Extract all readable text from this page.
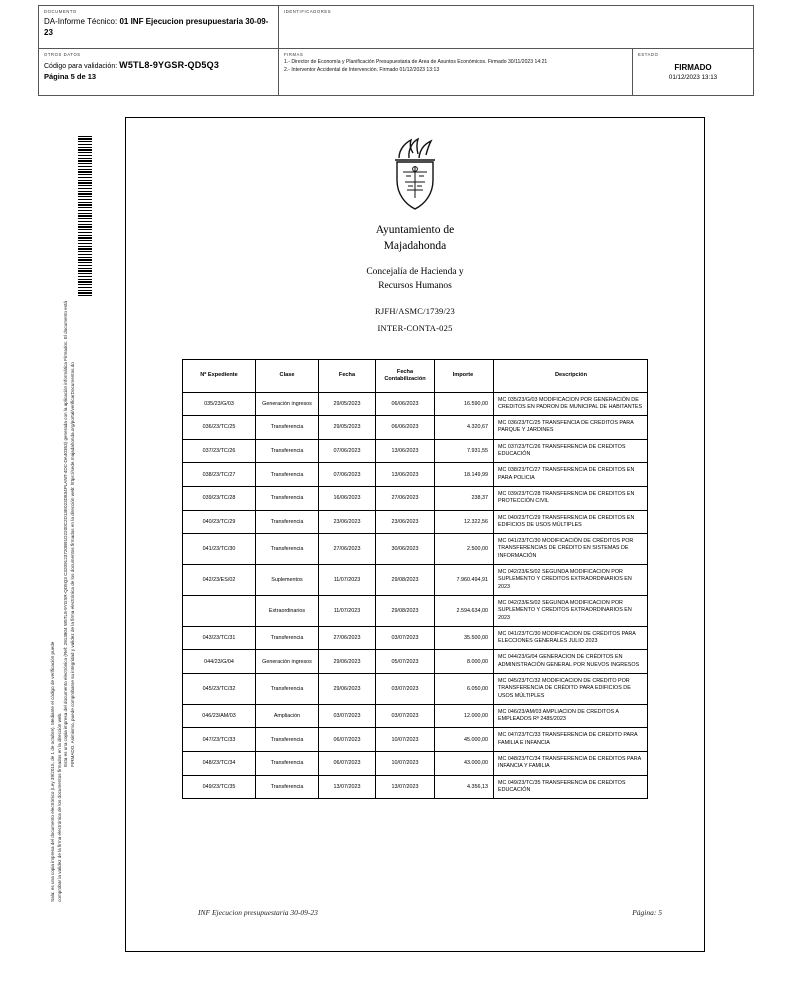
DOCUMENTO
DA-Informe Técnico: 01 INF Ejecucion presupuestaria 30-09-23
IDENTIFICADORES
OTROS DATOS
Código para validación: W5TL8-9YGSR-QD5Q3
Página 5 de 13
FIRMAS
1.- Director de Economía y Planificación Presupuestaria de Area de Asuntos Económicos. Firmado 30/11/2023 14:21
2.- Interventor Accidental de Intervención. Firmado 01/12/2023 13:13
ESTADO
FIRMADO
01/12/2023 13:13
Esta es una copia impresa del documento electrónico (Ref: 2813804 W5TL8-9YGSR-QD5Q3 C3209123720B91D2200C2D13E023D834PLANT-4DC-DA40353) generada con la aplicación informática Firmadoc. El documento está FIRMADO. Asimismo, puede comprobarse su integridad y validez de la firma electrónica de los documentos firmados en la dirección web: https://sede.majadahonda.org/portal/verificarDocumentos.do
Sala: es una copia impresa del documento electrónico (Ley 39/2015, de 1 de octubre). Mediante el código de verificación puede comprobar la validez de la firma electrónica de los documentos firmados en la dirección web.
Ayuntamiento de
Majadahonda
Concejalía de Hacienda y
Recursos Humanos
RJFH/ASMC/1739/23
INTER-CONTA-025
Nº Expediente	Clase	Fecha	Fecha Contabilización	Importe	Descripción
035/23/G/03	Generación ingresos	29/05/2023	06/06/2023	16.590,00	MC 035/23/G/03 MODIFICACION POR GENERACIÓN DE CREDITOS EN PADRON DE MUNICIPAL DE HABITANTES
036/23/TC/25	Transferencia	29/05/2023	06/06/2023	4.320,67	MC 036/23/TC/25 TRANSFENCIA DE CREDITOS PARA PARQUE Y JARDINES
037/23/TC/26	Transferencia	07/06/2023	13/06/2023	7.931,55	MC 037/23/TC/26 TRANSFERENCIA DE CREDITOS EDUCACIÓN
038/23/TC/27	Transferencia	07/06/2023	13/06/2023	18.149,99	MC 038/23/TC/27 TRANSFERENCIA DE CREDITOS EN PARA POLICIA
039/23/TC/28	Transferencia	16/06/2023	27/06/2023	238,37	MC 039/23/TC/28 TRANSFERENCIA DE CREDITOS EN PROTECCIÓN CIVIL
040/23/TC/29	Transferencia	23/06/2023	23/06/2023	12.322,56	MC 040/23/TC/29 TRANSFERENCIA DE CREDITOS EN EDIFICIOS DE USOS MÚLTIPLES
041/23/TC/30	Transferencia	27/06/2023	30/06/2023	2.500,00	MC 041/23/TC/30 MODIFICACIÓN DE CRÉDITOS POR TRANSFERENCIAS DE CRÉDITO EN SISTEMAS DE INFORMACIÓN
042/23/ES/02	Suplementos	11/07/2023	29/08/2023	7.960.494,91	MC 042/23/ES/02 SEGUNDA MODIFICACION POR SUPLEMENTO Y CREDITOS EXTRAORDINARIOS EN 2023
	Extraordinarios	11/07/2023	29/08/2023	2.594.634,00	MC 042/23/ES/02 SEGUNDA MODIFICACION POR SUPLEMENTO Y CREDITOS EXTRAORDINARIOS EN 2023
043/23/TC/31	Transferencia	27/06/2023	03/07/2023	35.500,00	MC 041/23/TC/30 MODIFICACION DE CRÉDITOS PARA ELECCIONES GENERALES JULIO 2023
044/23/G/04	Generación ingresos	29/06/2023	05/07/2023	8.000,00	MC 044/23/G/04 GENERACION DE CRÉDITOS EN ADMINISTRACIÓN GENERAL POR NUEVOS INGRESOS
045/23/TC/32	Transferencia	29/06/2023	03/07/2023	6.050,00	MC 045/23/TC/32 MODIFICACION DE CREDITO POR TRANSFERENCIA DE CRÉDITO PARA EDIFICIOS DE USOS MÚLTIPLES
046/23/AM/03	Ampliación	03/07/2023	03/07/2023	12.000,00	MC 046/23/AM/03 AMPLIACION DE CREDITOS A EMPLEADOS Rº 2485/2023
047/23/TC/33	Transferencia	06/07/2023	10/07/2023	45.000,00	MC 047/23/TC/33 TRANSFERENCIA DE CREDITO PARA FAMILIA E INFANCIA
048/23/TC/34	Transferencia	06/07/2023	10/07/2023	43.000,00	MC 048/23/TC/34 TRANSFERENCIA DE CREDITOS PARA INFANCIA Y FAMILIA
049/23/TC/35	Transferencia	13/07/2023	13/07/2023	4.356,13	MC 049/23/TC/35 TRANSFERENCIA DE CREDITOS EDUCACIÓN
INF Ejecucion presupuestaria 30-09-23	Página: 5
